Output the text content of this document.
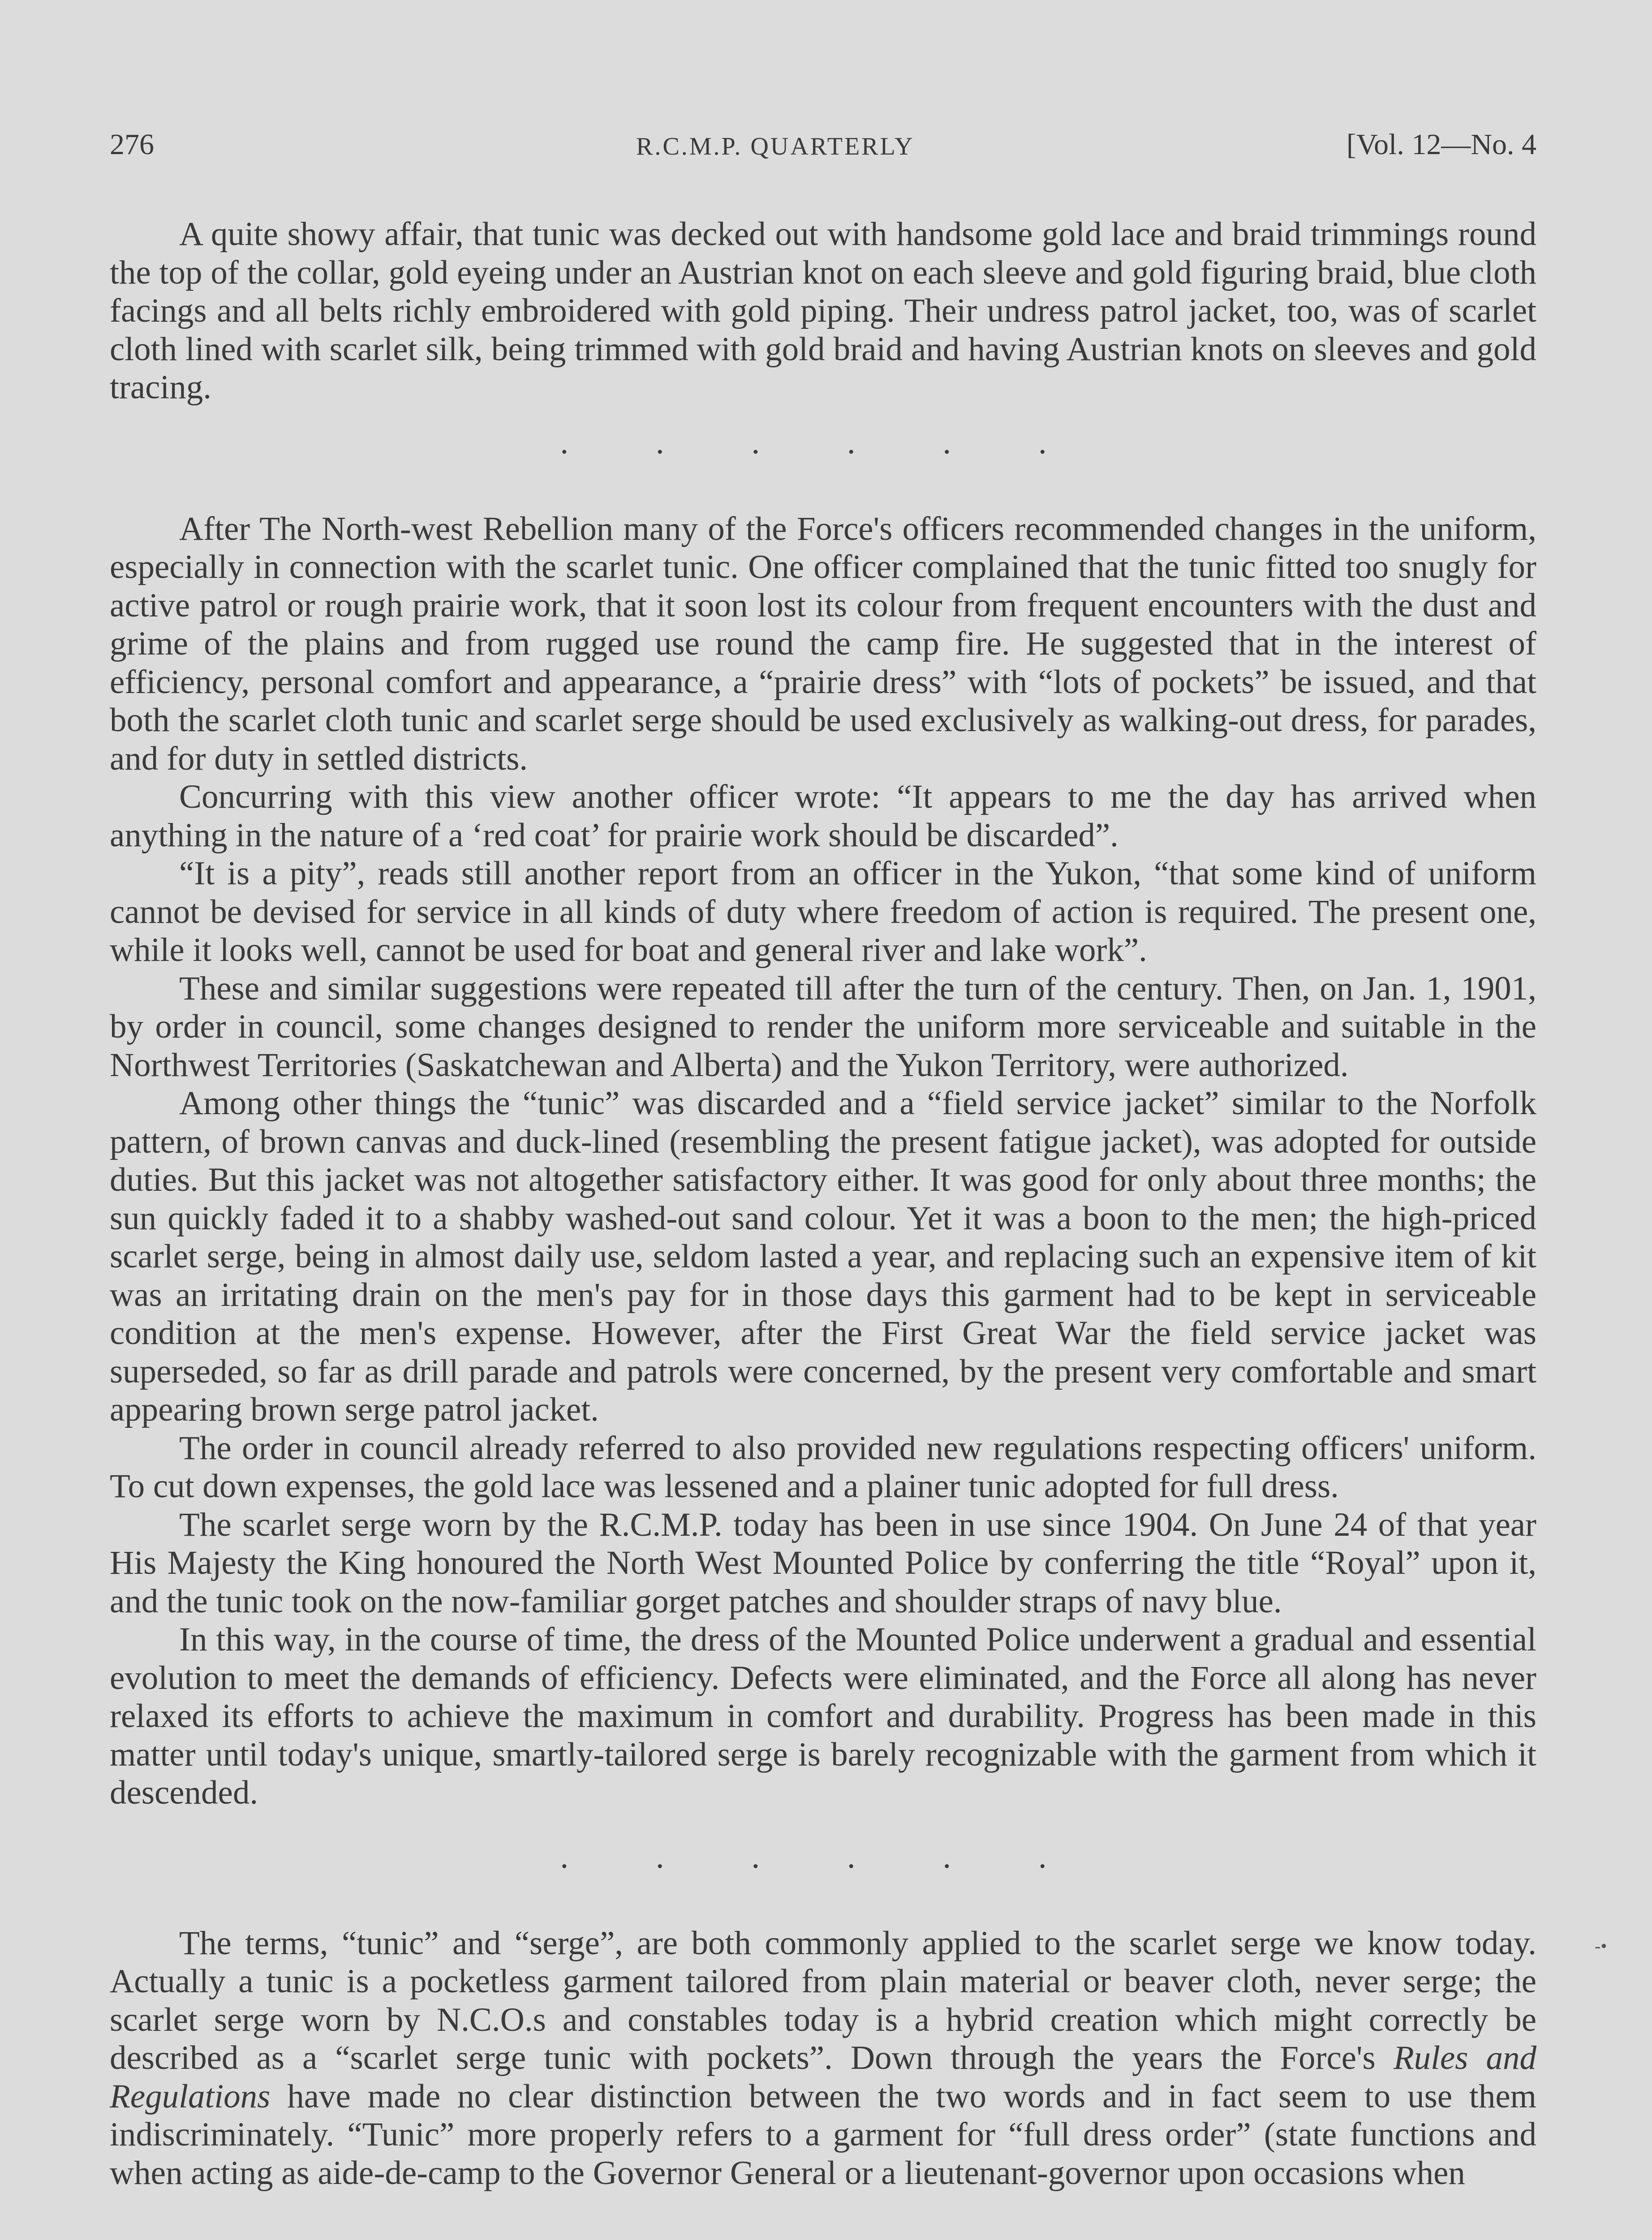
276	R.C.M.P. QUARTERLY	[Vol. 12—No. 4

A quite showy affair, that tunic was decked out with handsome gold lace and braid trimmings round the top of the collar, gold eyeing under an Austrian knot on each sleeve and gold figuring braid, blue cloth facings and all belts richly embroidered with gold piping. Their undress patrol jacket, too, was of scarlet cloth lined with scarlet silk, being trimmed with gold braid and having Austrian knots on sleeves and gold tracing.

. . . . . .

After The North-west Rebellion many of the Force's officers recommended changes in the uniform, especially in connection with the scarlet tunic. One officer complained that the tunic fitted too snugly for active patrol or rough prairie work, that it soon lost its colour from frequent encounters with the dust and grime of the plains and from rugged use round the camp fire. He suggested that in the interest of efficiency, personal comfort and appearance, a “prairie dress” with “lots of pockets” be issued, and that both the scarlet cloth tunic and scarlet serge should be used exclusively as walking-out dress, for parades, and for duty in settled districts.

Concurring with this view another officer wrote: “It appears to me the day has arrived when anything in the nature of a ‘red coat’ for prairie work should be discarded”.

“It is a pity”, reads still another report from an officer in the Yukon, “that some kind of uniform cannot be devised for service in all kinds of duty where freedom of action is required. The present one, while it looks well, cannot be used for boat and general river and lake work”.

These and similar suggestions were repeated till after the turn of the century. Then, on Jan. 1, 1901, by order in council, some changes designed to render the uniform more serviceable and suitable in the Northwest Territories (Saskatchewan and Alberta) and the Yukon Territory, were authorized.

Among other things the “tunic” was discarded and a “field service jacket” similar to the Norfolk pattern, of brown canvas and duck-lined (resembling the present fatigue jacket), was adopted for outside duties. But this jacket was not altogether satisfactory either. It was good for only about three months; the sun quickly faded it to a shabby washed-out sand colour. Yet it was a boon to the men; the high-priced scarlet serge, being in almost daily use, seldom lasted a year, and replacing such an expensive item of kit was an irritating drain on the men's pay for in those days this garment had to be kept in serviceable condition at the men's expense. However, after the First Great War the field service jacket was superseded, so far as drill parade and patrols were concerned, by the present very comfortable and smart appearing brown serge patrol jacket.

The order in council already referred to also provided new regulations respecting officers' uniform. To cut down expenses, the gold lace was lessened and a plainer tunic adopted for full dress.

The scarlet serge worn by the R.C.M.P. today has been in use since 1904. On June 24 of that year His Majesty the King honoured the North West Mounted Police by conferring the title “Royal” upon it, and the tunic took on the now-familiar gorget patches and shoulder straps of navy blue.

In this way, in the course of time, the dress of the Mounted Police underwent a gradual and essential evolution to meet the demands of efficiency. Defects were eliminated, and the Force all along has never relaxed its efforts to achieve the maximum in comfort and durability. Progress has been made in this matter until today's unique, smartly-tailored serge is barely recognizable with the garment from which it descended.

. . . . . .

The terms, “tunic” and “serge”, are both commonly applied to the scarlet serge we know today. Actually a tunic is a pocketless garment tailored from plain material or beaver cloth, never serge; the scarlet serge worn by N.C.O.s and constables today is a hybrid creation which might correctly be described as a “scarlet serge tunic with pockets”. Down through the years the Force's Rules and Regulations have made no clear distinction between the two words and in fact seem to use them indiscriminately. “Tunic” more properly refers to a garment for “full dress order” (state functions and when acting as aide-de-camp to the Governor General or a lieutenant-governor upon occasions when

-•
